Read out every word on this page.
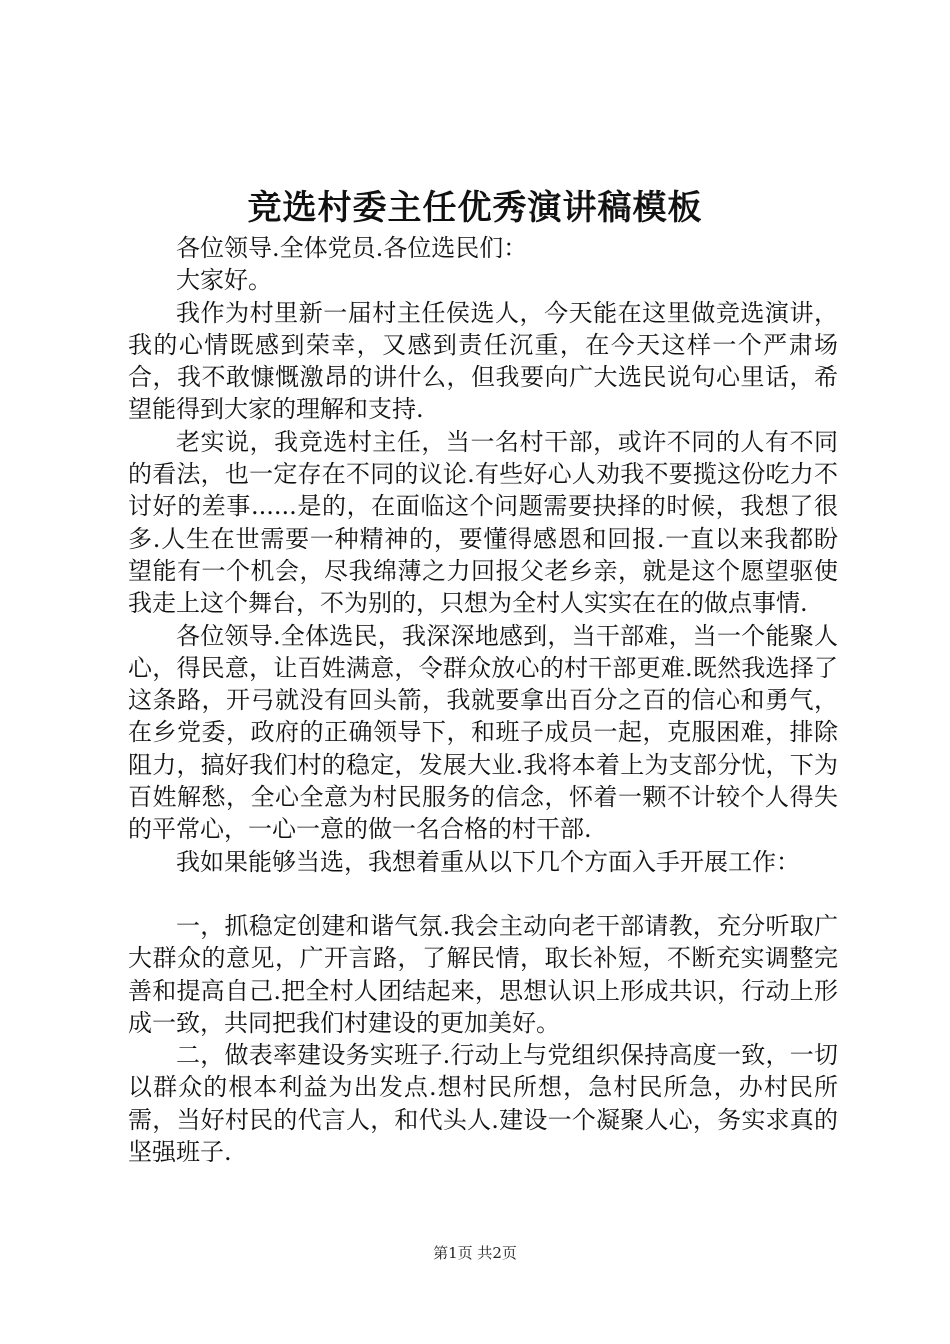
竞选村委主任优秀演讲稿模板

各位领导.全体党员.各位选民们：

大家好。

我作为村里新一届村主任侯选人，今天能在这里做竞选演讲，我的心情既感到荣幸，又感到责任沉重，在今天这样一个严肃场合，我不敢慷慨激昂的讲什么，但我要向广大选民说句心里话，希望能得到大家的理解和支持.

老实说，我竞选村主任，当一名村干部，或许不同的人有不同的看法，也一定存在不同的议论.有些好心人劝我不要揽这份吃力不讨好的差事......是的，在面临这个问题需要抉择的时候，我想了很多.人生在世需要一种精神的，要懂得感恩和回报.一直以来我都盼望能有一个机会，尽我绵薄之力回报父老乡亲，就是这个愿望驱使我走上这个舞台，不为别的，只想为全村人实实在在的做点事情.

各位领导.全体选民，我深深地感到，当干部难，当一个能聚人心，得民意，让百姓满意，令群众放心的村干部更难.既然我选择了这条路，开弓就没有回头箭，我就要拿出百分之百的信心和勇气，在乡党委，政府的正确领导下，和班子成员一起，克服困难，排除阻力，搞好我们村的稳定，发展大业.我将本着上为支部分忧，下为百姓解愁，全心全意为村民服务的信念，怀着一颗不计较个人得失的平常心，一心一意的做一名合格的村干部.

我如果能够当选，我想着重从以下几个方面入手开展工作：

一，抓稳定创建和谐气氛.我会主动向老干部请教，充分听取广大群众的意见，广开言路，了解民情，取长补短，不断充实调整完善和提高自己.把全村人团结起来，思想认识上形成共识，行动上形成一致，共同把我们村建设的更加美好。

二，做表率建设务实班子.行动上与党组织保持高度一致，一切以群众的根本利益为出发点.想村民所想，急村民所急，办村民所需，当好村民的代言人，和代头人.建设一个凝聚人心，务实求真的坚强班子.

第1页 共2页
